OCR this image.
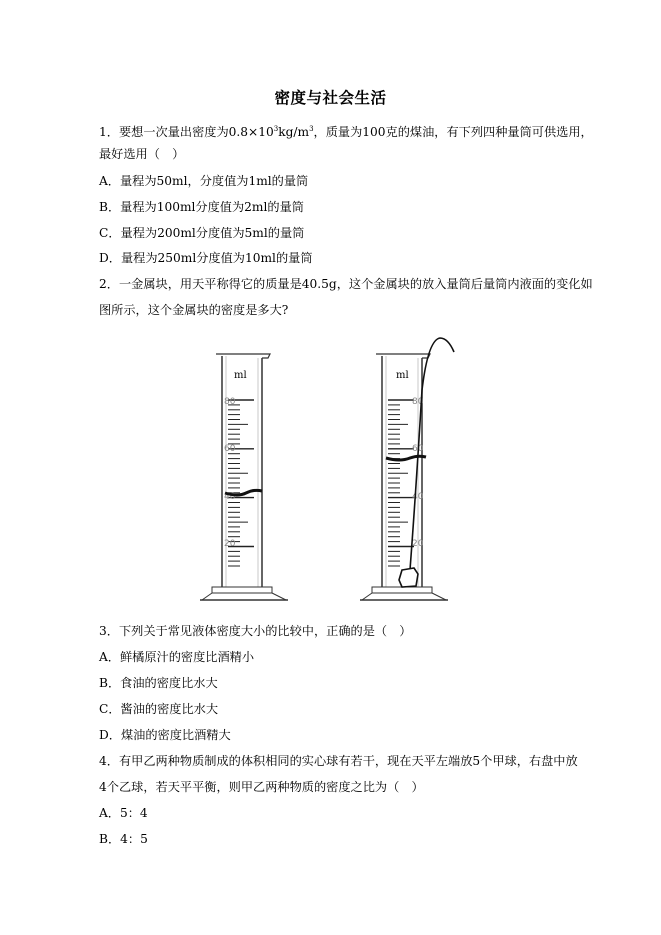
密度与社会生活
1．要想一次量出密度为$0.8\times 10^3kg/m^3$，质量为100克的煤油，有下列四种量筒可供选用，
最好选用（　）
A．量程为50ml，分度值为1ml的量筒
B．量程为100ml分度值为2ml的量筒
C．量程为200ml分度值为5ml的量筒
D．量程为250ml分度值为10ml的量筒
2．一金属块，用天平称得它的质量是40.5g，这个金属块的放入量筒后量筒内液面的变化如
图所示，这个金属块的密度是多大?
ml
80
60
40
20
ml
80
60
40
20
3．下列关于常见液体密度大小的比较中，正确的是（　）
A．鲜橘原汁的密度比酒精小
B．食油的密度比水大
C．酱油的密度比水大
D．煤油的密度比酒精大
4．有甲乙两种物质制成的体积相同的实心球有若干，现在天平左端放5个甲球，右盘中放
4个乙球，若天平平衡，则甲乙两种物质的密度之比为（　）
A．5：4
B．4：5
